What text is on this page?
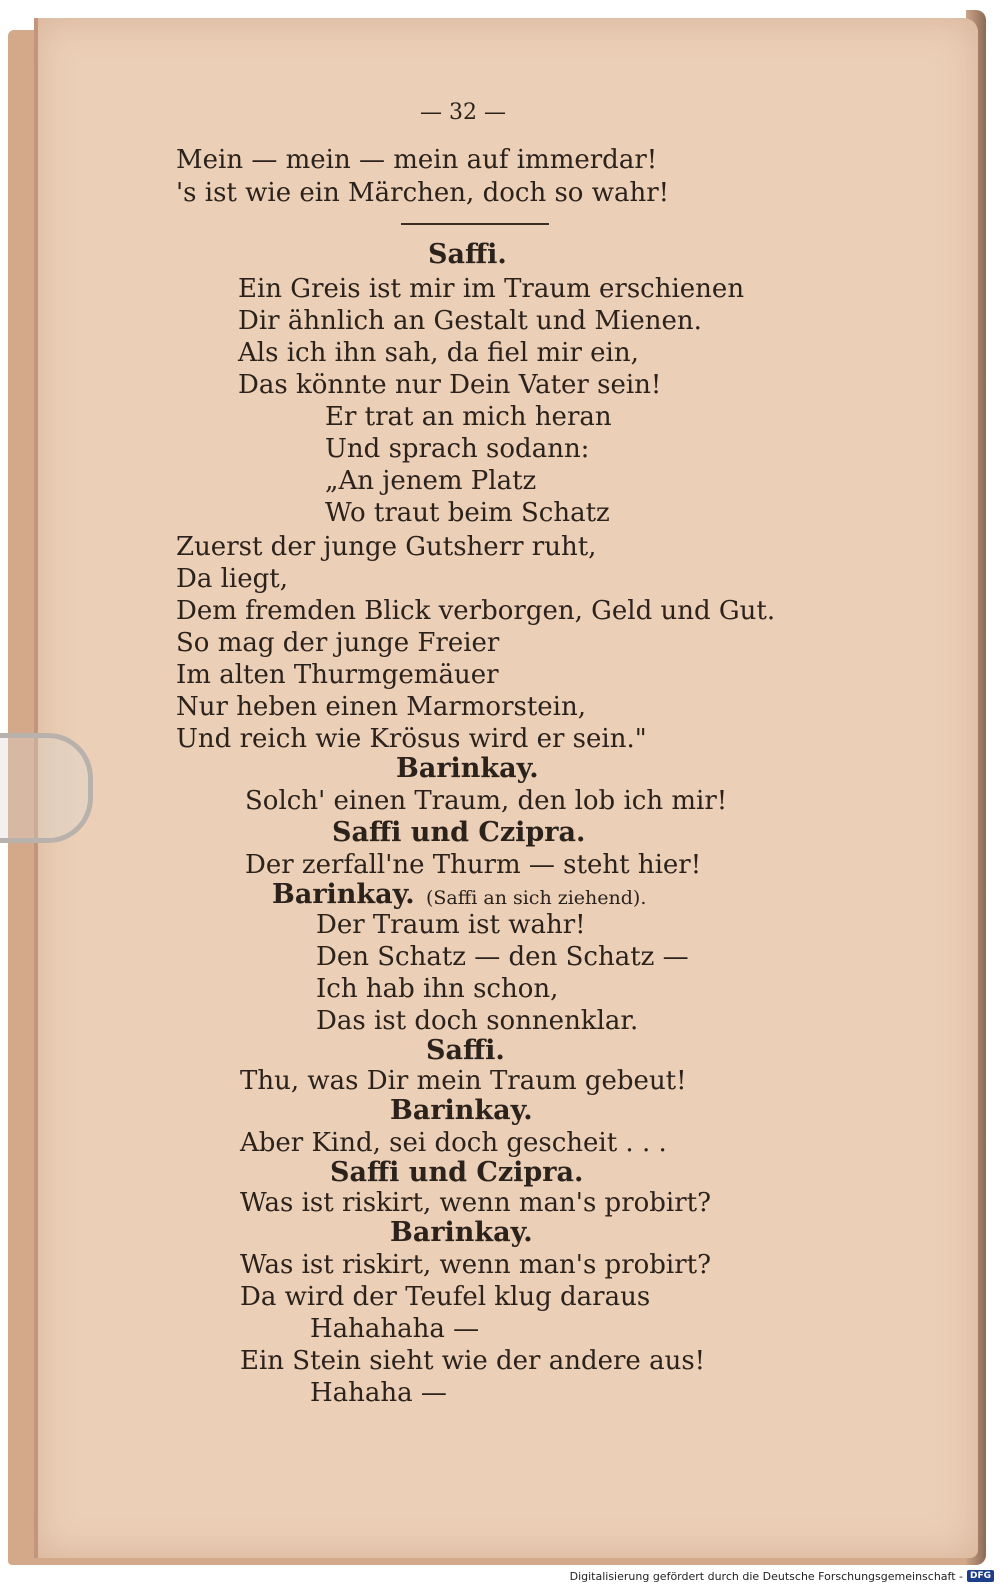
— 32 —
Mein — mein — mein auf immerdar!
's ist wie ein Märchen, doch so wahr!
Saffi.
Ein Greis ist mir im Traum erschienen
Dir ähnlich an Gestalt und Mienen.
Als ich ihn sah, da fiel mir ein,
Das könnte nur Dein Vater sein!
Er trat an mich heran
Und sprach sodann:
„An jenem Platz
Wo traut beim Schatz
Zuerst der junge Gutsherr ruht,
Da liegt,
Dem fremden Blick verborgen, Geld und Gut.
So mag der junge Freier
Im alten Thurmgemäuer
Nur heben einen Marmorstein,
Und reich wie Krösus wird er sein."
Barinkay.
Solch' einen Traum, den lob ich mir!
Saffi und Czipra.
Der zerfall'ne Thurm — steht hier!
Barinkay. (Saffi an sich ziehend).
Der Traum ist wahr!
Den Schatz — den Schatz —
Ich hab ihn schon,
Das ist doch sonnenklar.
Saffi.
Thu, was Dir mein Traum gebeut!
Barinkay.
Aber Kind, sei doch gescheit . . .
Saffi und Czipra.
Was ist riskirt, wenn man's probirt?
Barinkay.
Was ist riskirt, wenn man's probirt?
Da wird der Teufel klug daraus
Hahahaha —
Ein Stein sieht wie der andere aus!
Hahaha —
Digitalisierung gefördert durch die Deutsche Forschungsgemeinschaft - DFG
